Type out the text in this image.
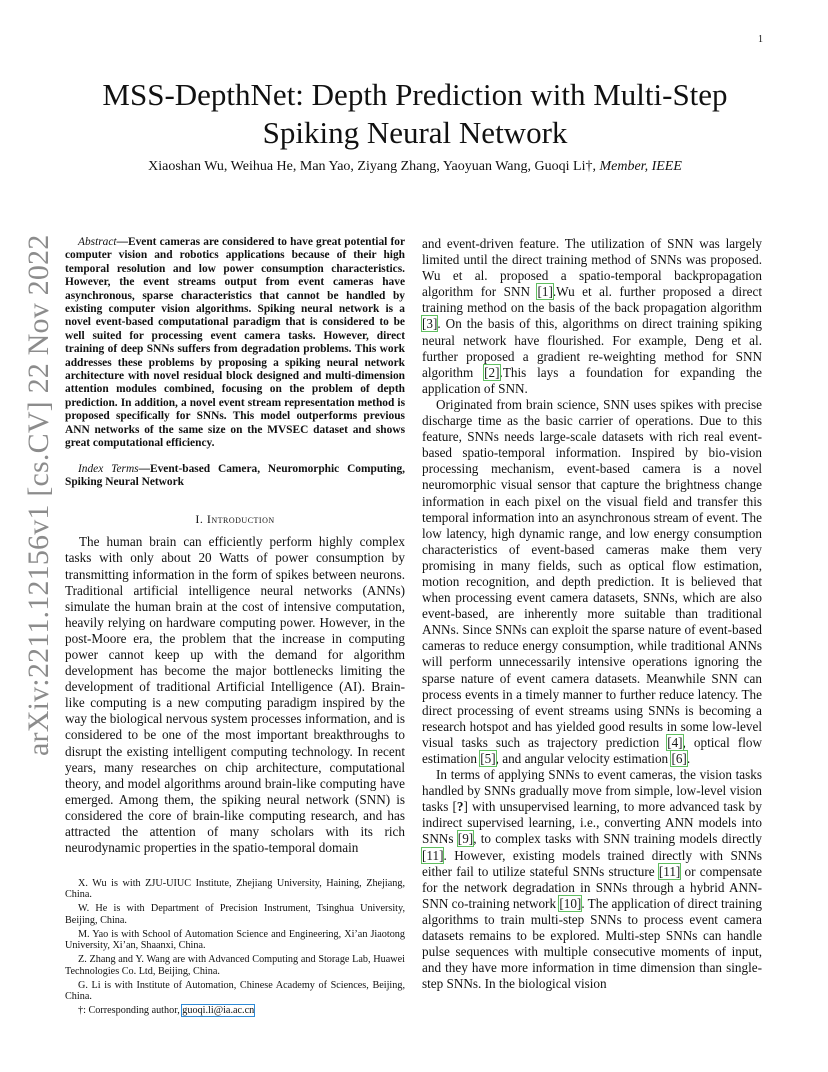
1
arXiv:2211.12156v1 [cs.CV] 22 Nov 2022
MSS-DepthNet: Depth Prediction with Multi-Step Spiking Neural Network
Xiaoshan Wu, Weihua He, Man Yao, Ziyang Zhang, Yaoyuan Wang, Guoqi Li†, Member, IEEE

Abstract—Event cameras are considered to have great potential for computer vision and robotics applications because of their high temporal resolution and low power consumption characteristics. However, the event streams output from event cameras have asynchronous, sparse characteristics that cannot be handled by existing computer vision algorithms. Spiking neural network is a novel event-based computational paradigm that is considered to be well suited for processing event camera tasks. However, direct training of deep SNNs suffers from degradation problems. This work addresses these problems by proposing a spiking neural network architecture with novel residual block designed and multi-dimension attention modules combined, focusing on the problem of depth prediction. In addition, a novel event stream representation method is proposed specifically for SNNs. This model outperforms previous ANN networks of the same size on the MVSEC dataset and shows great computational efficiency.

Index Terms—Event-based Camera, Neuromorphic Computing, Spiking Neural Network

I. Introduction

The human brain can efficiently perform highly complex tasks with only about 20 Watts of power consumption by transmitting information in the form of spikes between neurons. Traditional artificial intelligence neural networks (ANNs) simulate the human brain at the cost of intensive computation, heavily relying on hardware computing power. However, in the post-Moore era, the problem that the increase in computing power cannot keep up with the demand for algorithm development has become the major bottlenecks limiting the development of traditional Artificial Intelligence (AI). Brain-like computing is a new computing paradigm inspired by the way the biological nervous system processes information, and is considered to be one of the most important breakthroughs to disrupt the existing intelligent computing technology. In recent years, many researches on chip architecture, computational theory, and model algorithms around brain-like computing have emerged. Among them, the spiking neural network (SNN) is considered the core of brain-like computing research, and has attracted the attention of many scholars with its rich neurodynamic properties in the spatio-temporal domain

and event-driven feature. The utilization of SNN was largely limited until the direct training method of SNNs was proposed. Wu et al. proposed a spatio-temporal backpropagation algorithm for SNN [1].Wu et al. further proposed a direct training method on the basis of the back propagation algorithm [3]. On the basis of this, algorithms on direct training spiking neural network have flourished. For example, Deng et al. further proposed a gradient re-weighting method for SNN algorithm [2].This lays a foundation for expanding the application of SNN.

Originated from brain science, SNN uses spikes with precise discharge time as the basic carrier of operations. Due to this feature, SNNs needs large-scale datasets with rich real event-based spatio-temporal information. Inspired by bio-vision processing mechanism, event-based camera is a novel neuromorphic visual sensor that capture the brightness change information in each pixel on the visual field and transfer this temporal information into an asynchronous stream of event. The low latency, high dynamic range, and low energy consumption characteristics of event-based cameras make them very promising in many fields, such as optical flow estimation, motion recognition, and depth prediction. It is believed that when processing event camera datasets, SNNs, which are also event-based, are inherently more suitable than traditional ANNs. Since SNNs can exploit the sparse nature of event-based cameras to reduce energy consumption, while traditional ANNs will perform unnecessarily intensive operations ignoring the sparse nature of event camera datasets. Meanwhile SNN can process events in a timely manner to further reduce latency. The direct processing of event streams using SNNs is becoming a research hotspot and has yielded good results in some low-level visual tasks such as trajectory prediction [4], optical flow estimation [5], and angular velocity estimation [6].

In terms of applying SNNs to event cameras, the vision tasks handled by SNNs gradually move from simple, low-level vision tasks [?] with unsupervised learning, to more advanced task by indirect supervised learning, i.e., converting ANN models into SNNs [9], to complex tasks with SNN training models directly [11]. However, existing models trained directly with SNNs either fail to utilize stateful SNNs structure [11] or compensate for the network degradation in SNNs through a hybrid ANN-SNN co-training network [10]. The application of direct training algorithms to train multi-step SNNs to process event camera datasets remains to be explored. Multi-step SNNs can handle pulse sequences with multiple consecutive moments of input, and they have more information in time dimension than single-step SNNs. In the biological vision

X. Wu is with ZJU-UIUC Institute, Zhejiang University, Haining, Zhejiang, China.

W. He is with Department of Precision Instrument, Tsinghua University, Beijing, China.

M. Yao is with School of Automation Science and Engineering, Xi’an Jiaotong University, Xi’an, Shaanxi, China.

Z. Zhang and Y. Wang are with Advanced Computing and Storage Lab, Huawei Technologies Co. Ltd, Beijing, China.

G. Li is with Institute of Automation, Chinese Academy of Sciences, Beijing, China.

†: Corresponding author, guoqi.li@ia.ac.cn
